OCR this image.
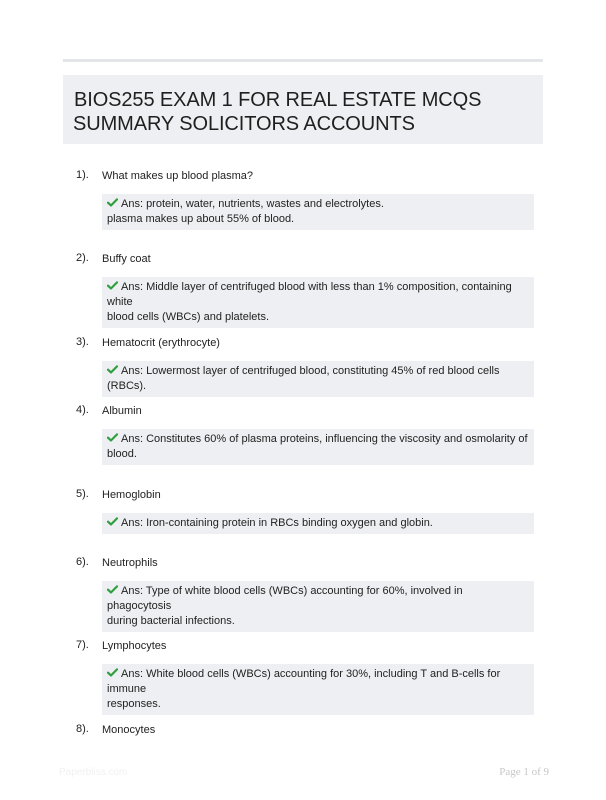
BIOS255 EXAM 1 FOR REAL ESTATE MCQS
SUMMARY SOLICITORS ACCOUNTS
1). What makes up blood plasma?

Ans: protein, water, nutrients, wastes and electrolytes.

plasma makes up about 55% of blood.

2). Buffy coat

Ans: Middle layer of centrifuged blood with less than 1% composition, containing white

blood cells (WBCs) and platelets.

3). Hematocrit (erythrocyte)

Ans: Lowermost layer of centrifuged blood, constituting 45% of red blood cells (RBCs).

4). Albumin

Ans: Constitutes 60% of plasma proteins, influencing the viscosity and osmolarity of

blood.

5). Hemoglobin

Ans: Iron-containing protein in RBCs binding oxygen and globin.

6). Neutrophils

Ans: Type of white blood cells (WBCs) accounting for 60%, involved in phagocytosis

during bacterial infections.

7). Lymphocytes

Ans: White blood cells (WBCs) accounting for 30%, including T and B-cells for immune

responses.

8). Monocytes
Paperbliss.com	Page 1 of 9
